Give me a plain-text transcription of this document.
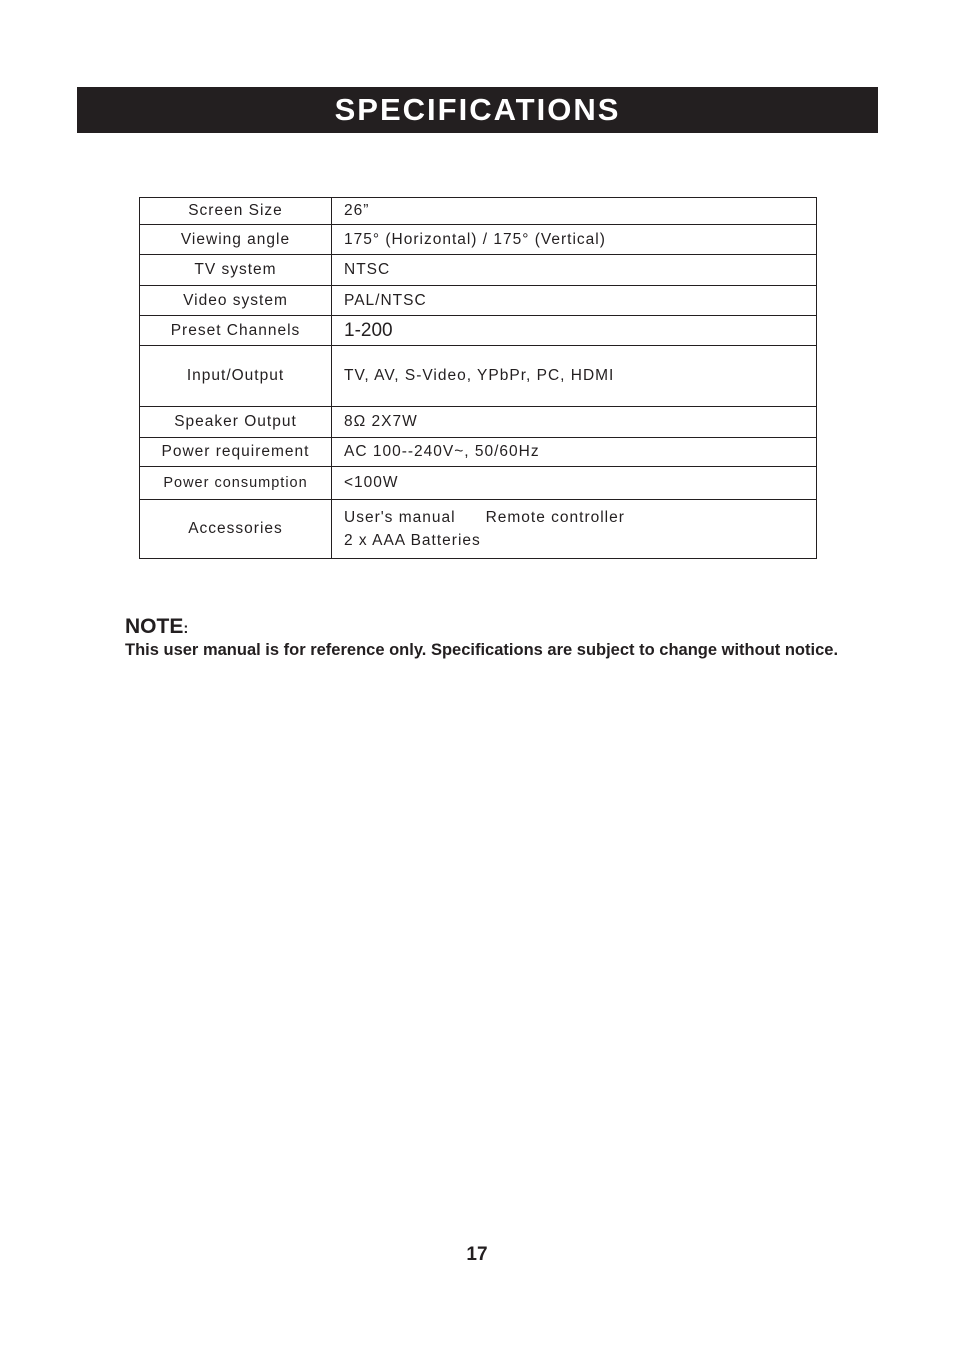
SPECIFICATIONS
Screen Size	26”
Viewing angle	175° (Horizontal) / 175° (Vertical)
TV system	NTSC
Video system	PAL/NTSC
Preset Channels	1-200
Input/Output	TV, AV, S-Video, YPbPr, PC, HDMI
Speaker Output	8Ω 2X7W
Power requirement	AC 100--240V~, 50/60Hz
Power consumption	<100W
Accessories	User's manual Remote controller
2 x AAA Batteries
NOTE:
This user manual is for reference only. Specifications are subject to change without notice.
17
